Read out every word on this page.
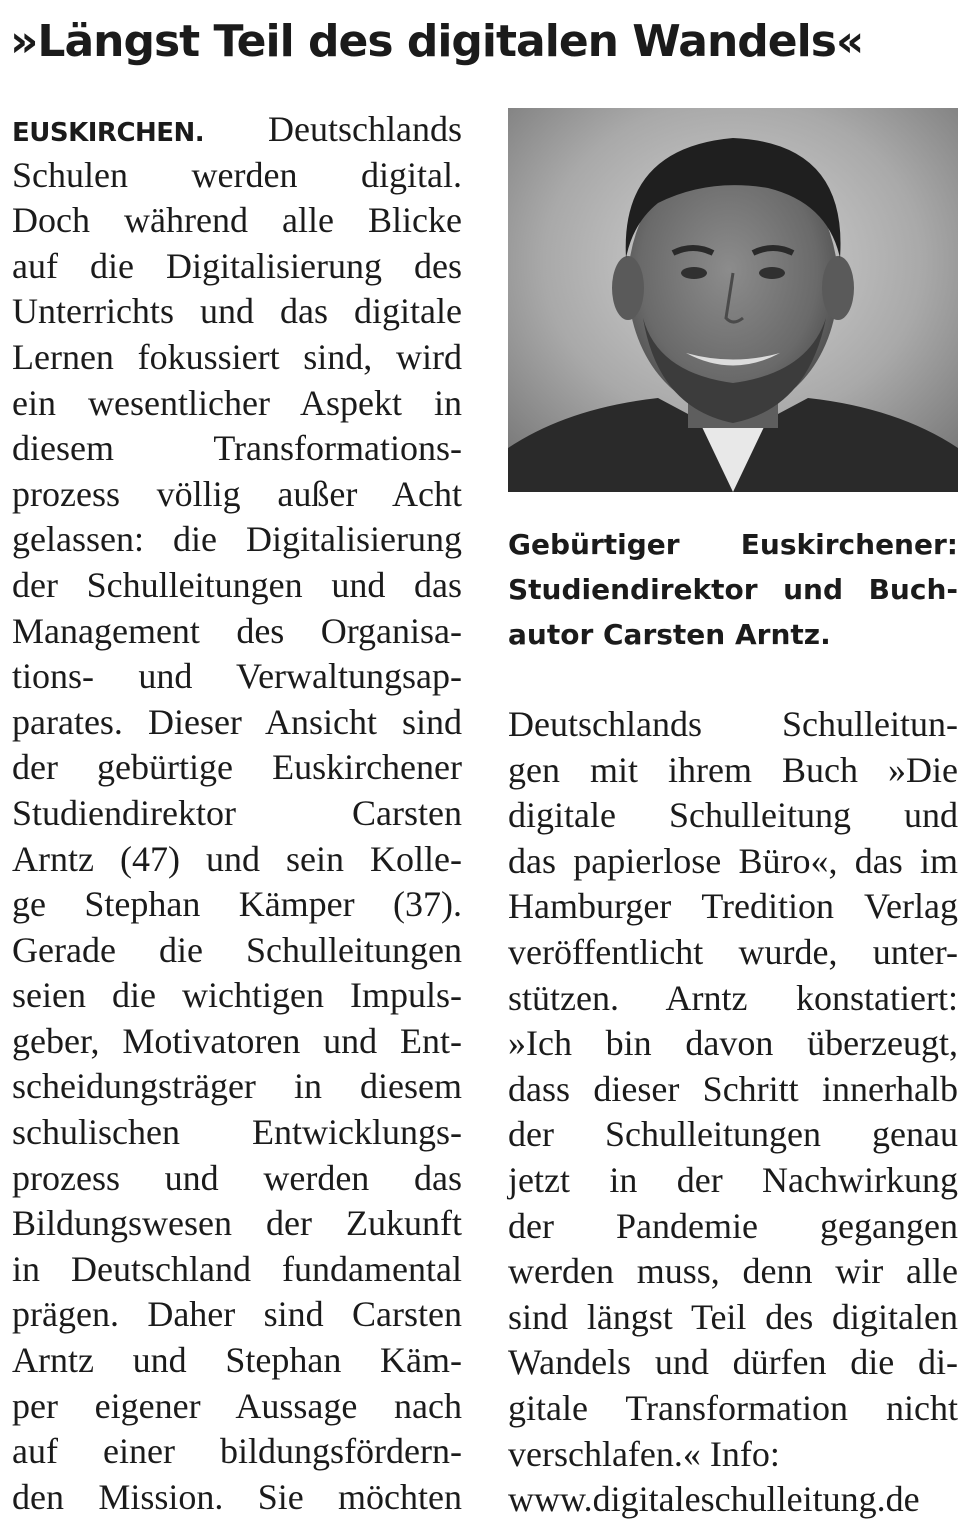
»Längst Teil des digitalen Wandels«
EUSKIRCHEN. Deutschlands
Schulen werden digital.
Doch während alle Blicke
auf die Digitalisierung des
Unterrichts und das digitale
Lernen fokussiert sind, wird
ein wesentlicher Aspekt in
diesem Transformations-
prozess völlig außer Acht
gelassen: die Digitalisierung
der Schulleitungen und das
Management des Organisa-
tions- und Verwaltungsap-
parates. Dieser Ansicht sind
der gebürtige Euskirchener
Studiendirektor Carsten
Arntz (47) und sein Kolle-
ge Stephan Kämper (37).
Gerade die Schulleitungen
seien die wichtigen Impuls-
geber, Motivatoren und Ent-
scheidungsträger in diesem
schulischen Entwicklungs-
prozess und werden das
Bildungswesen der Zukunft
in Deutschland fundamental
prägen. Daher sind Carsten
Arntz und Stephan Käm-
per eigener Aussage nach
auf einer bildungsfördern-
den Mission. Sie möchten
Gebürtiger Euskirchener:
Studiendirektor und Buch-
autor Carsten Arntz.
Deutschlands Schulleitun-
gen mit ihrem Buch »Die
digitale Schulleitung und
das papierlose Büro«, das im
Hamburger Tredition Verlag
veröffentlicht wurde, unter-
stützen. Arntz konstatiert:
»Ich bin davon überzeugt,
dass dieser Schritt innerhalb
der Schulleitungen genau
jetzt in der Nachwirkung
der Pandemie gegangen
werden muss, denn wir alle
sind längst Teil des digitalen
Wandels und dürfen die di-
gitale Transformation nicht
verschlafen.« Info:
www.digitaleschulleitung.de
